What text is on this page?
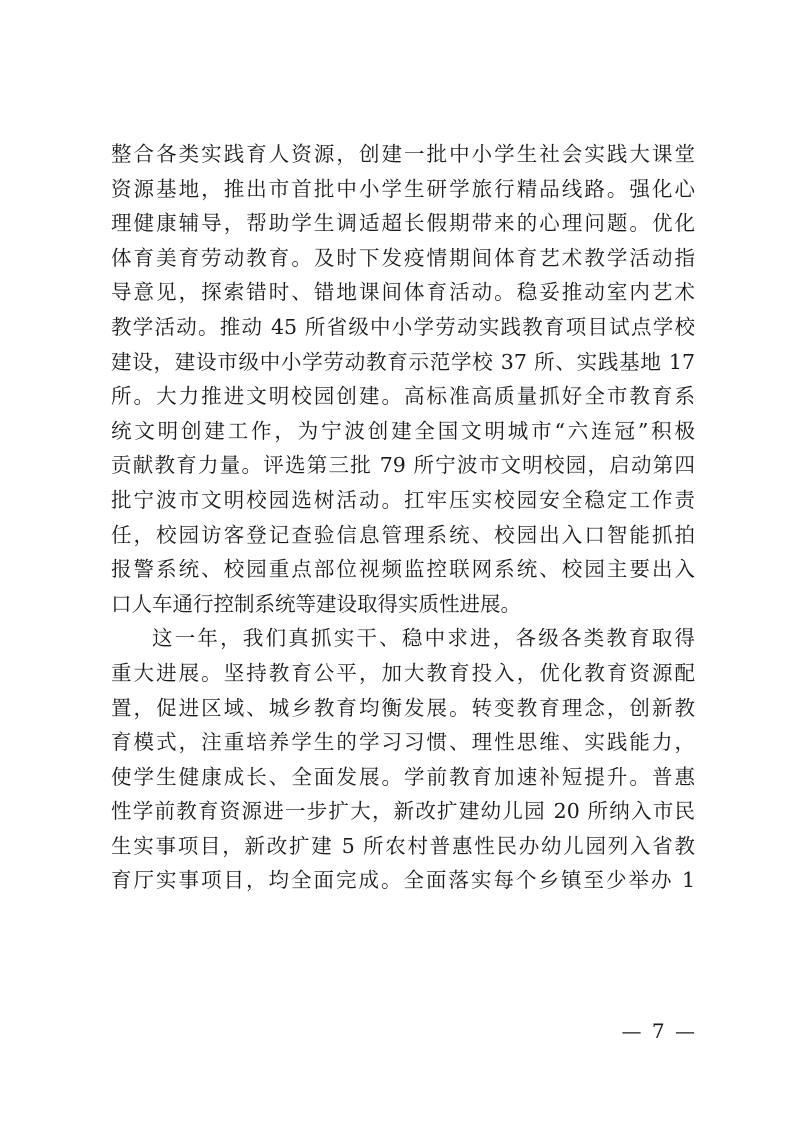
整合各类实践育人资源，创建一批中小学生社会实践大课堂
资源基地，推出市首批中小学生研学旅行精品线路。强化心
理健康辅导，帮助学生调适超长假期带来的心理问题。优化
体育美育劳动教育。及时下发疫情期间体育艺术教学活动指
导意见，探索错时、错地课间体育活动。稳妥推动室内艺术
教学活动。推动 45 所省级中小学劳动实践教育项目试点学校
建设，建设市级中小学劳动教育示范学校 37 所、实践基地 17
所。大力推进文明校园创建。高标准高质量抓好全市教育系
统文明创建工作，为宁波创建全国文明城市“六连冠”积极
贡献教育力量。评选第三批 79 所宁波市文明校园，启动第四
批宁波市文明校园选树活动。扛牢压实校园安全稳定工作责
任，校园访客登记查验信息管理系统、校园出入口智能抓拍
报警系统、校园重点部位视频监控联网系统、校园主要出入
口人车通行控制系统等建设取得实质性进展。
这一年，我们真抓实干、稳中求进，各级各类教育取得
重大进展。坚持教育公平，加大教育投入，优化教育资源配
置，促进区域、城乡教育均衡发展。转变教育理念，创新教
育模式，注重培养学生的学习习惯、理性思维、实践能力，
使学生健康成长、全面发展。学前教育加速补短提升。普惠
性学前教育资源进一步扩大，新改扩建幼儿园 20 所纳入市民
生实事项目，新改扩建 5 所农村普惠性民办幼儿园列入省教
育厅实事项目，均全面完成。全面落实每个乡镇至少举办 1
— 7 —
